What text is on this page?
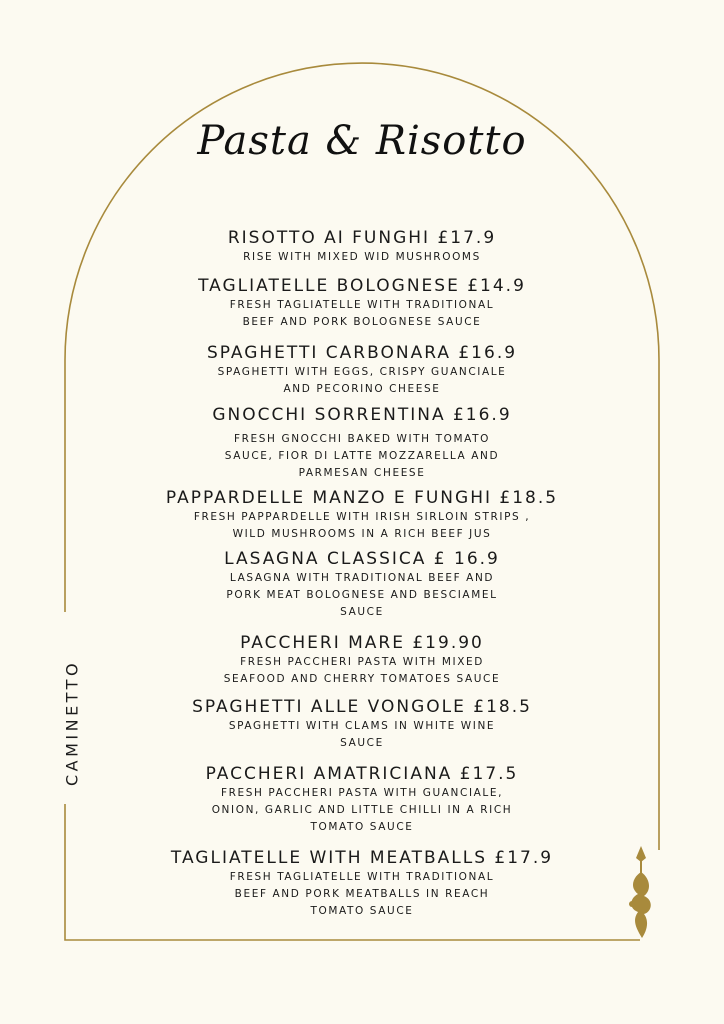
Pasta & Risotto
CAMINETTO
RISOTTO AI FUNGHI £17.9
RISE WITH MIXED WID MUSHROOMS
TAGLIATELLE BOLOGNESE £14.9
FRESH TAGLIATELLE WITH TRADITIONAL
BEEF AND PORK BOLOGNESE SAUCE
SPAGHETTI CARBONARA £16.9
SPAGHETTI WITH EGGS, CRISPY GUANCIALE
AND PECORINO CHEESE
GNOCCHI SORRENTINA £16.9
FRESH GNOCCHI BAKED WITH TOMATO
SAUCE, FIOR DI LATTE MOZZARELLA AND
PARMESAN CHEESE
PAPPARDELLE MANZO E FUNGHI £18.5
FRESH PAPPARDELLE WITH IRISH SIRLOIN STRIPS ,
WILD MUSHROOMS IN A RICH BEEF JUS
LASAGNA CLASSICA £ 16.9
LASAGNA WITH TRADITIONAL BEEF AND
PORK MEAT BOLOGNESE AND BESCIAMEL
SAUCE
PACCHERI MARE £19.90
FRESH PACCHERI PASTA WITH MIXED
SEAFOOD AND CHERRY TOMATOES SAUCE
SPAGHETTI ALLE VONGOLE £18.5
SPAGHETTI WITH CLAMS IN WHITE WINE
SAUCE
PACCHERI AMATRICIANA £17.5
FRESH PACCHERI PASTA WITH GUANCIALE,
ONION, GARLIC AND LITTLE CHILLI IN A RICH
TOMATO SAUCE
TAGLIATELLE WITH MEATBALLS £17.9
FRESH TAGLIATELLE WITH TRADITIONAL
BEEF AND PORK MEATBALLS IN REACH
TOMATO SAUCE
